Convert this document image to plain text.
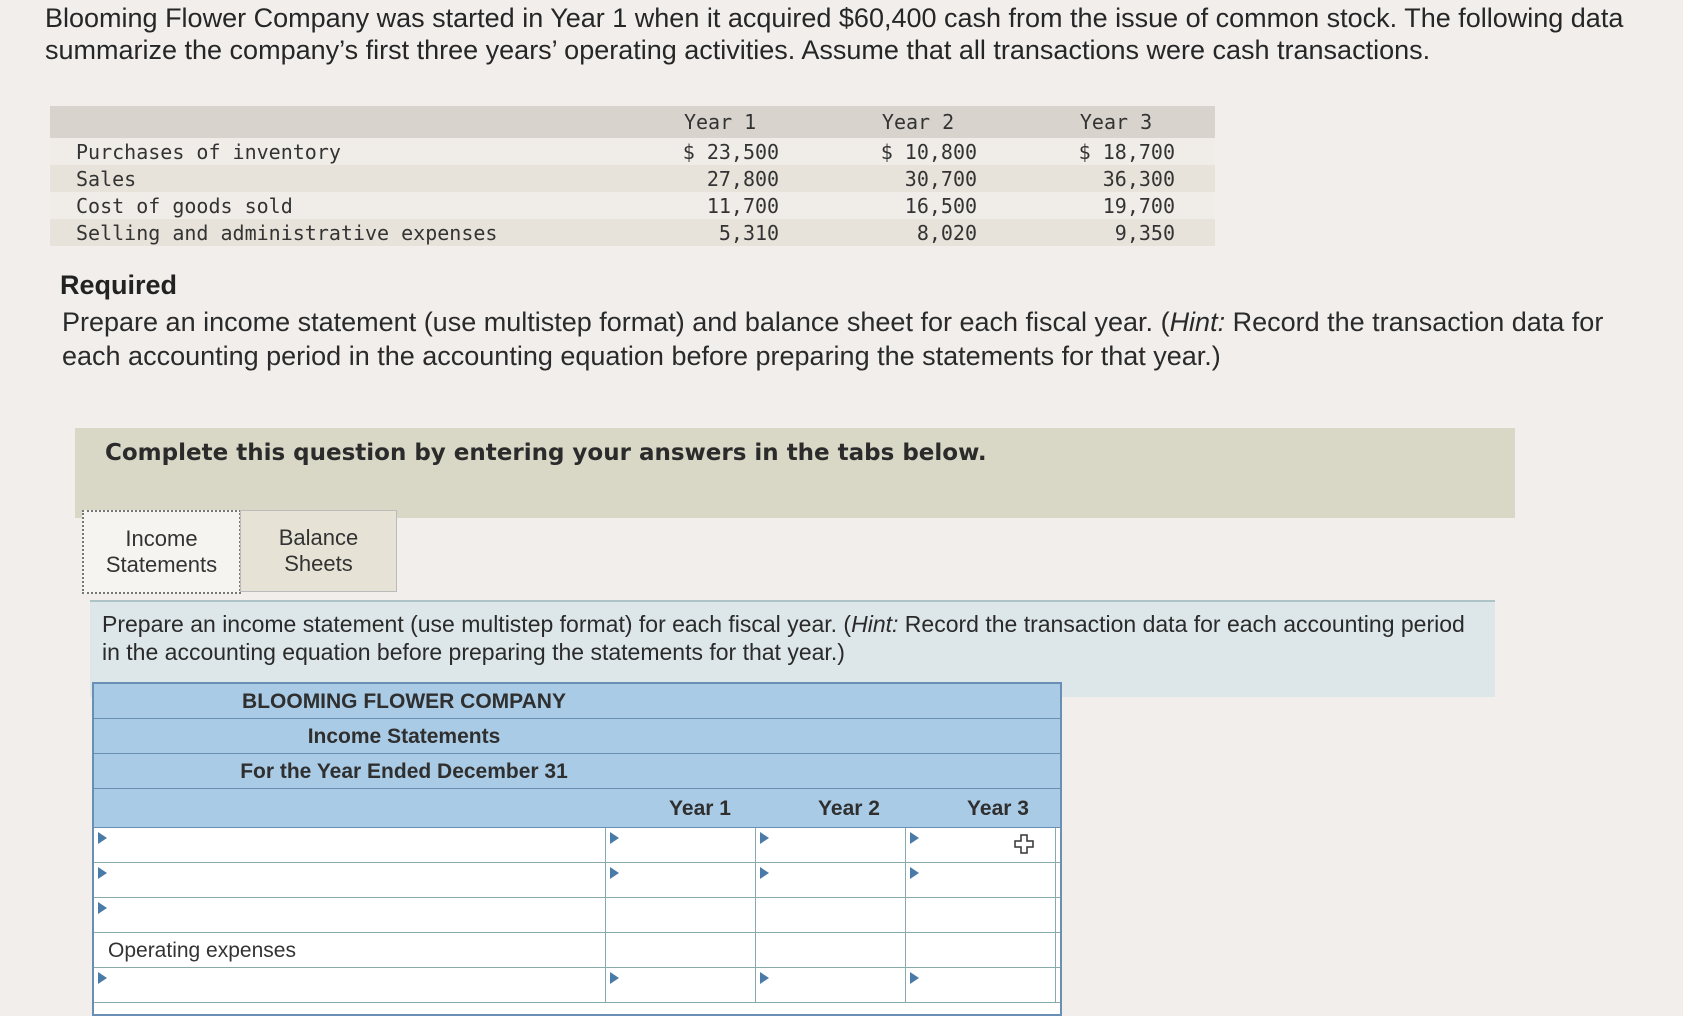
Blooming Flower Company was started in Year 1 when it acquired $60,400 cash from the issue of common stock. The following data summarize the company’s first three years’ operating activities. Assume that all transactions were cash transactions.
	Year 1	Year 2	Year 3
Purchases of inventory	$ 23,500	$ 10,800	$ 18,700
Sales	27,800	30,700	36,300
Cost of goods sold	11,700	16,500	19,700
Selling and administrative expenses	5,310	8,020	9,350
Required
Prepare an income statement (use multistep format) and balance sheet for each fiscal year. (Hint: Record the transaction data for each accounting period in the accounting equation before preparing the statements for that year.)
Complete this question by entering your answers in the tabs below.
Income Statements
Balance Sheets
Prepare an income statement (use multistep format) for each fiscal year. (Hint: Record the transaction data for each accounting period in the accounting equation before preparing the statements for that year.)
BLOOMING FLOWER COMPANY
Income Statements
For the Year Ended December 31
Year 1	Year 2	Year 3
Operating expenses
